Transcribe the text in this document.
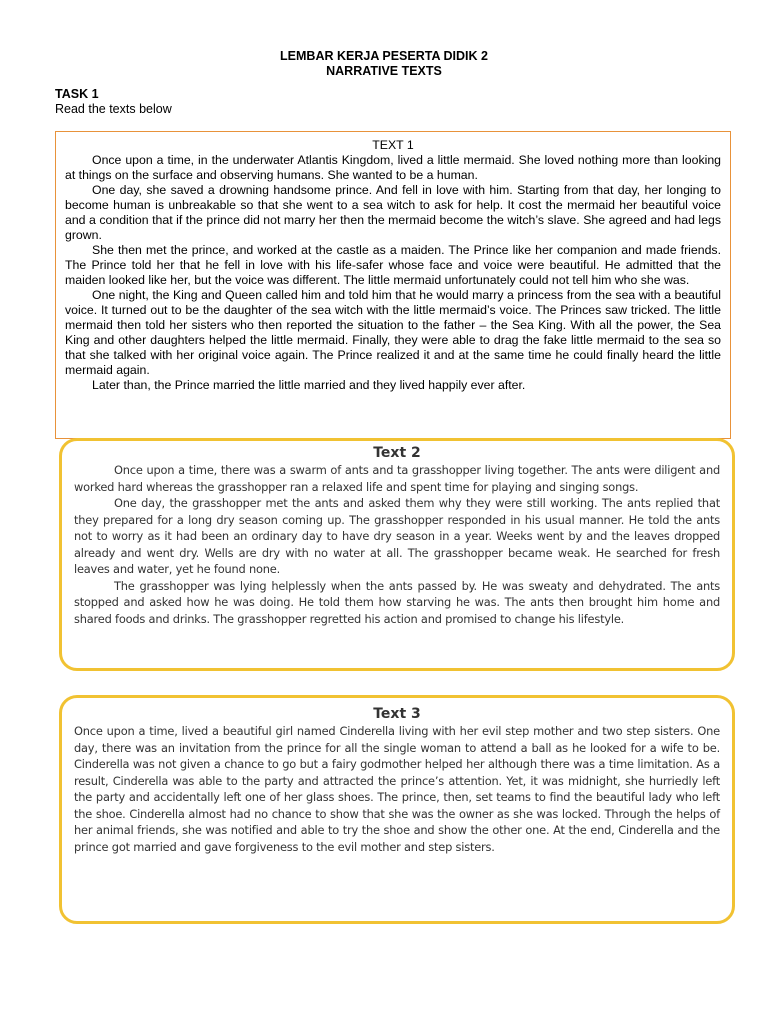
LEMBAR KERJA PESERTA DIDIK 2
NARRATIVE TEXTS
TASK 1
Read the texts below
TEXT 1

Once upon a time, in the underwater Atlantis Kingdom, lived a little mermaid. She loved nothing more than looking at things on the surface and observing humans. She wanted to be a human.

One day, she saved a drowning handsome prince. And fell in love with him. Starting from that day, her longing to become human is unbreakable so that she went to a sea witch to ask for help. It cost the mermaid her beautiful voice and a condition that if the prince did not marry her then the mermaid become the witch’s slave. She agreed and had legs grown.

She then met the prince, and worked at the castle as a maiden. The Prince like her companion and made friends. The Prince told her that he fell in love with his life-safer whose face and voice were beautiful. He admitted that the maiden looked like her, but the voice was different. The little mermaid unfortunately could not tell him who she was.

One night, the King and Queen called him and told him that he would marry a princess from the sea with a beautiful voice. It turned out to be the daughter of the sea witch with the little mermaid’s voice. The Princes saw tricked. The little mermaid then told her sisters who then reported the situation to the father – the Sea King. With all the power, the Sea King and other daughters helped the little mermaid. Finally, they were able to drag the fake little mermaid to the sea so that she talked with her original voice again. The Prince realized it and at the same time he could finally heard the little mermaid again.

Later than, the Prince married the little married and they lived happily ever after.

Text 2

Once upon a time, there was a swarm of ants and ta grasshopper living together. The ants were diligent and worked hard whereas the grasshopper ran a relaxed life and spent time for playing and singing songs.

One day, the grasshopper met the ants and asked them why they were still working. The ants replied that they prepared for a long dry season coming up. The grasshopper responded in his usual manner. He told the ants not to worry as it had been an ordinary day to have dry season in a year. Weeks went by and the leaves dropped already and went dry. Wells are dry with no water at all. The grasshopper became weak. He searched for fresh leaves and water, yet he found none.

The grasshopper was lying helplessly when the ants passed by. He was sweaty and dehydrated. The ants stopped and asked how he was doing. He told them how starving he was. The ants then brought him home and shared foods and drinks. The grasshopper regretted his action and promised to change his lifestyle.

Text 3

Once upon a time, lived a beautiful girl named Cinderella living with her evil step mother and two step sisters. One day, there was an invitation from the prince for all the single woman to attend a ball as he looked for a wife to be. Cinderella was not given a chance to go but a fairy godmother helped her although there was a time limitation. As a result, Cinderella was able to the party and attracted the prince’s attention. Yet, it was midnight, she hurriedly left the party and accidentally left one of her glass shoes. The prince, then, set teams to find the beautiful lady who left the shoe. Cinderella almost had no chance to show that she was the owner as she was locked. Through the helps of her animal friends, she was notified and able to try the shoe and show the other one. At the end, Cinderella and the prince got married and gave forgiveness to the evil mother and step sisters.
